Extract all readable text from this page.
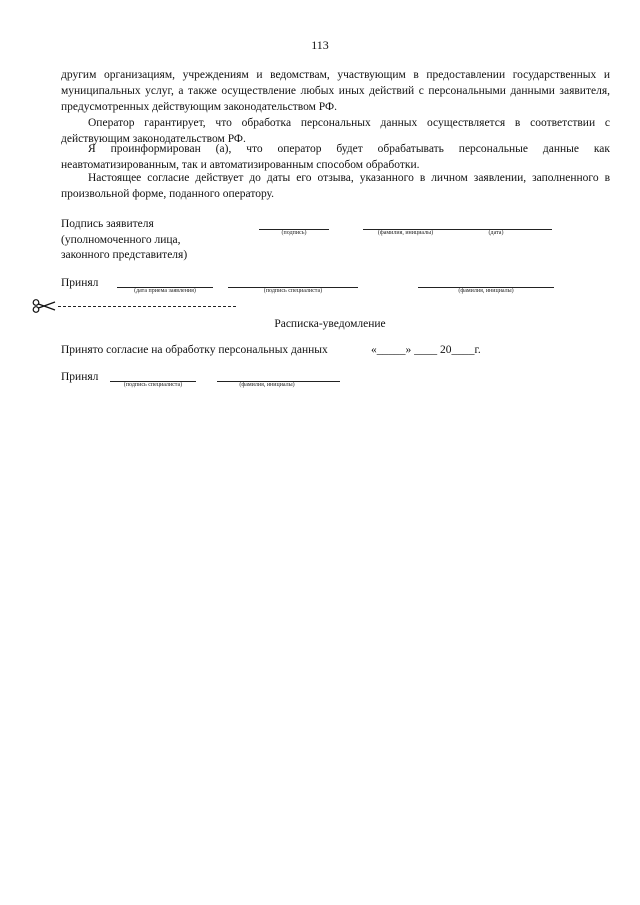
113

другим организациям, учреждениям и ведомствам, участвующим в предоставлении государственных и муниципальных услуг, а также осуществление любых иных действий с персональными данными заявителя, предусмотренных действующим законодательством РФ.

Оператор гарантирует, что обработка персональных данных осуществляется в соответствии с действующим законодательством РФ.

Я проинформирован (а), что оператор будет обрабатывать персональные данные как неавтоматизированным, так и автоматизированным способом обработки.

Настоящее согласие действует до даты его отзыва, указанного в личном заявлении, заполненного в произвольной форме, поданного оператору.

Подпись заявителя
(уполномоченного лица,
законного представителя)
(подпись)	(фамилия, инициалы)	(дата)
Принял
(дата приема заявления)	(подпись специалиста)	(фамилия, инициалы)
Расписка-уведомление
Принято согласие на обработку персональных данных	«_____» ____ 20____г.
Принял
(подпись специалиста)	(фамилия, инициалы)
